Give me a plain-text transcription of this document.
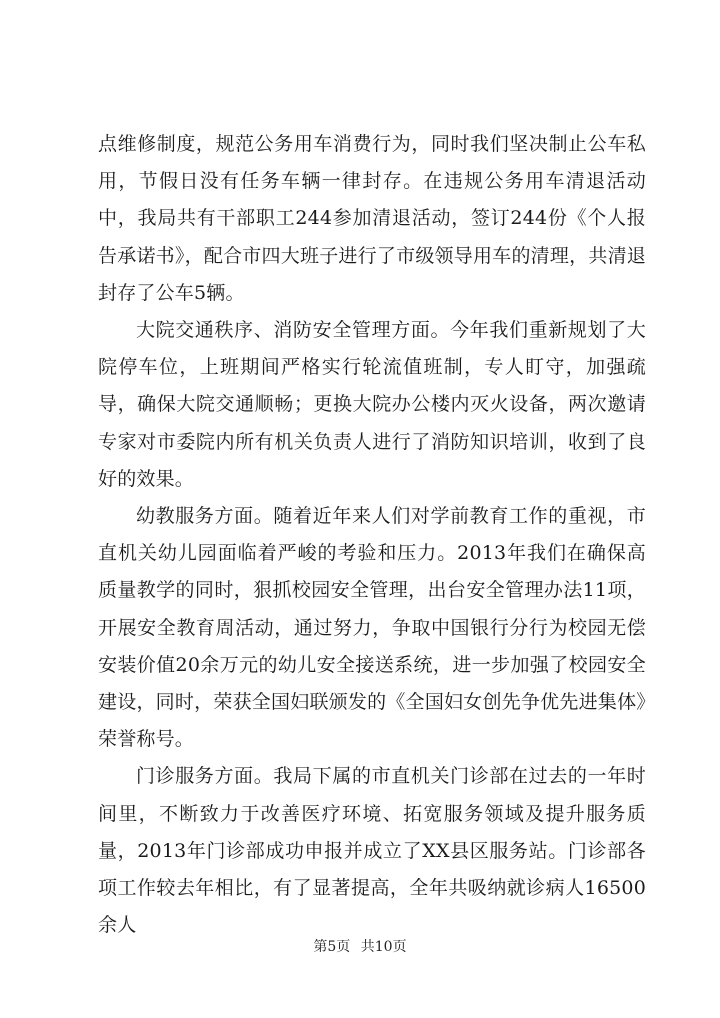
点维修制度，规范公务用车消费行为，同时我们坚决制止公车私用，节假日没有任务车辆一律封存。在违规公务用车清退活动中，我局共有干部职工244参加清退活动，签订244份《个人报告承诺书》，配合市四大班子进行了市级领导用车的清理，共清退封存了公车5辆。

大院交通秩序、消防安全管理方面。今年我们重新规划了大院停车位，上班期间严格实行轮流值班制，专人盯守，加强疏导，确保大院交通顺畅；更换大院办公楼内灭火设备，两次邀请专家对市委院内所有机关负责人进行了消防知识培训，收到了良好的效果。

幼教服务方面。随着近年来人们对学前教育工作的重视，市直机关幼儿园面临着严峻的考验和压力。2013年我们在确保高质量教学的同时，狠抓校园安全管理，出台安全管理办法11项，开展安全教育周活动，通过努力，争取中国银行分行为校园无偿安装价值20余万元的幼儿安全接送系统，进一步加强了校园安全建设，同时，荣获全国妇联颁发的《全国妇女创先争优先进集体》荣誉称号。

门诊服务方面。我局下属的市直机关门诊部在过去的一年时间里，不断致力于改善医疗环境、拓宽服务领域及提升服务质量，2013年门诊部成功申报并成立了XX县区服务站。门诊部各项工作较去年相比，有了显著提高，全年共吸纳就诊病人16500余人

第5页 共10页
